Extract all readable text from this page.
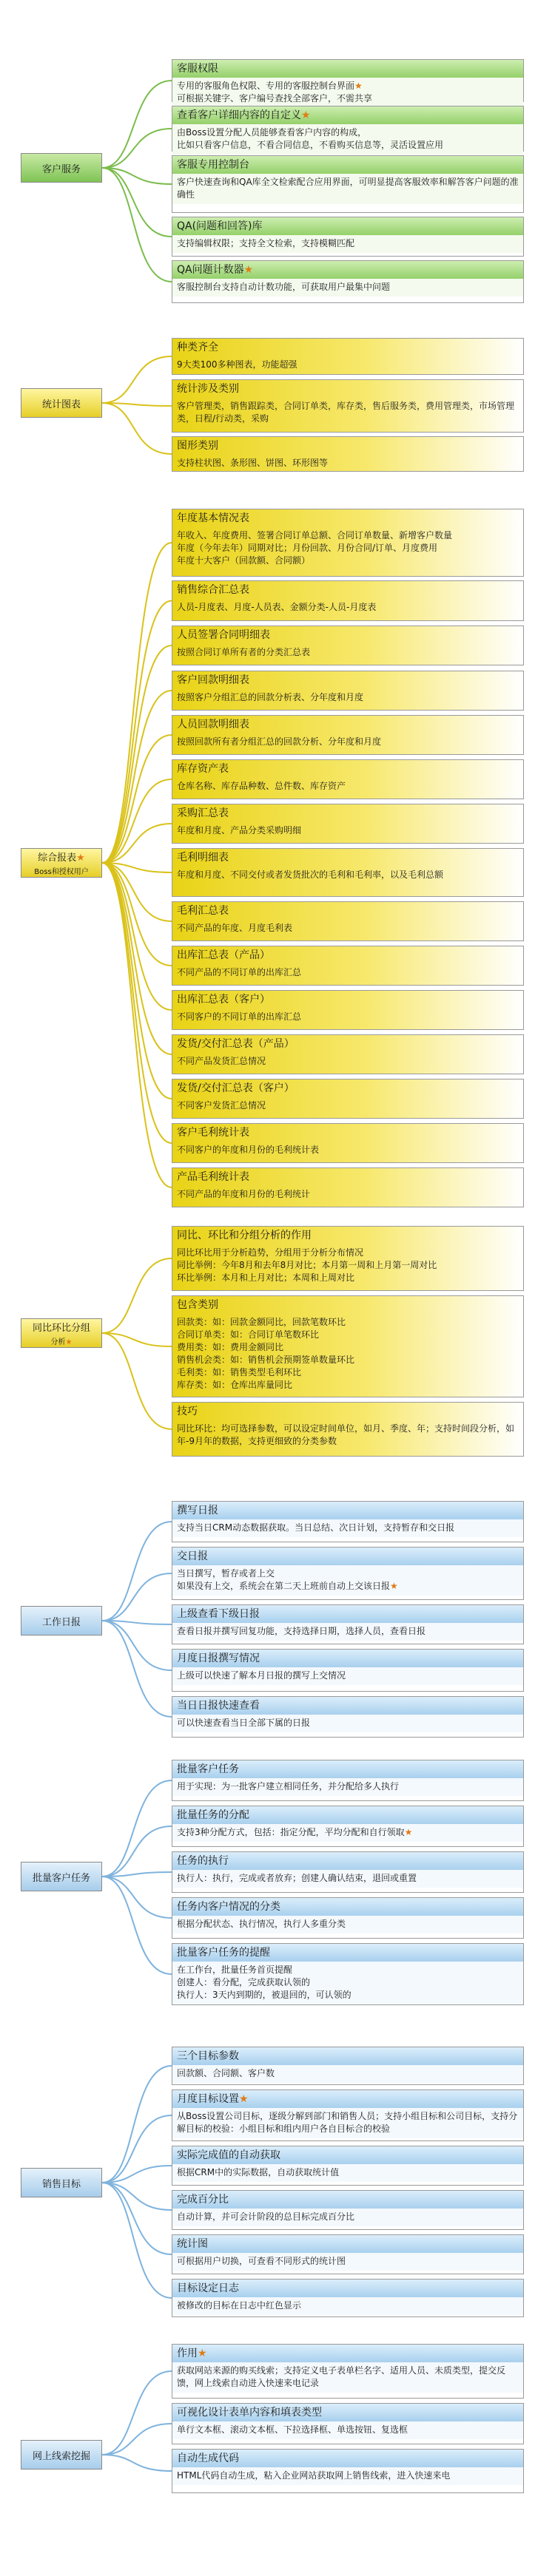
客户服务
客服权限
专用的客服角色权限、专用的客服控制台界面★
可根据关键字、客户编号查找全部客户，不需共享
查看客户详细内容的自定义★
由Boss设置分配人员能够查看客户内容的构成，
比如只看客户信息，不看合同信息，不看购买信息等，灵活设置应用
客服专用控制台
客户快速查询和QA库全文检索配合应用界面，可明显提高客服效率和解答客户问题的准确性
QA(问题和回答)库
支持编辑权限；支持全文检索，支持模糊匹配
QA问题计数器★
客服控制台支持自动计数功能，可获取用户最集中问题
统计图表
种类齐全
9大类100多种图表，功能超强
统计涉及类别
客户管理类，销售跟踪类，合同订单类，库存类，售后服务类，费用管理类，市场管理类，日程/行动类，采购
图形类别
支持柱状图、条形图、饼图、环形图等
综合报表★
Boss和授权用户
年度基本情况表
年收入、年度费用、签署合同订单总额、合同订单数量、新增客户数量
年度（今年去年）同期对比；月份回款、月份合同/订单、月度费用
年度十大客户（回款额、合同额）
销售综合汇总表
人员-月度表、月度-人员表、金额分类-人员-月度表
人员签署合同明细表
按照合同订单所有者的分类汇总表
客户回款明细表
按照客户分组汇总的回款分析表、分年度和月度
人员回款明细表
按照回款所有者分组汇总的回款分析、分年度和月度
库存资产表
仓库名称、库存品种数、总件数、库存资产
采购汇总表
年度和月度、产品分类采购明细
毛利明细表
年度和月度、不同交付或者发货批次的毛利和毛利率，以及毛利总额
毛利汇总表
不同产品的年度、月度毛利表
出库汇总表（产品）
不同产品的不同订单的出库汇总
出库汇总表（客户）
不同客户的不同订单的出库汇总
发货/交付汇总表（产品）
不同产品发货汇总情况
发货/交付汇总表（客户）
不同客户发货汇总情况
客户毛利统计表
不同客户的年度和月份的毛利统计表
产品毛利统计表
不同产品的年度和月份的毛利统计
同比环比分组
分析★
同比、环比和分组分析的作用
同比环比用于分析趋势，分组用于分析分布情况
同比举例：今年8月和去年8月对比；本月第一周和上月第一周对比
环比举例：本月和上月对比；本周和上周对比
包含类别
回款类：如：回款金额同比，回款笔数环比
合同订单类：如：合同订单笔数环比
费用类：如：费用金额同比
销售机会类：如：销售机会预期签单数量环比
毛利类：如：销售类型毛利环比
库存类：如：仓库出库量同比
技巧
同比环比：均可选择参数，可以设定时间单位，如月、季度、年；支持时间段分析，如年-9月年的数据，支持更细致的分类参数
工作日报
撰写日报
支持当日CRM动态数据获取。当日总结、次日计划，支持暂存和交日报
交日报
当日撰写，暂存或者上交
如果没有上交，系统会在第二天上班前自动上交该日报★
上级查看下级日报
查看日报并撰写回复功能，支持选择日期，选择人员，查看日报
月度日报撰写情况
上级可以快速了解本月日报的撰写上交情况
当日日报快速查看
可以快速查看当日全部下属的日报
批量客户任务
批量客户任务
用于实现：为一批客户建立相同任务，并分配给多人执行
批量任务的分配
支持3种分配方式，包括：指定分配，平均分配和自行领取★
任务的执行
执行人：执行，完成或者放弃；创建人确认结束，退回或重置
任务内客户情况的分类
根据分配状态、执行情况，执行人多重分类
批量客户任务的提醒
在工作台，批量任务首页提醒
创建人：看分配，完成获取认领的
执行人：3天内到期的，被退回的，可认领的
销售目标
三个目标参数
回款额、合同额、客户数
月度目标设置★
从Boss设置公司目标，逐级分解到部门和销售人员；支持小组目标和公司目标，支持分解目标的校验：小组目标和组内用户各自目标合的校验
实际完成值的自动获取
根据CRM中的实际数据，自动获取统计值
完成百分比
自动计算，并可会计阶段的总目标完成百分比
统计图
可根据用户切换，可查看不同形式的统计图
目标设定日志
被修改的目标在日志中红色显示
网上线索挖掘
作用★
获取网站来源的购买线索；支持定义电子表单栏名字、适用人员、未质类型，提交反馈，网上线索自动进入快速来电记录
可视化设计表单内容和填表类型
单行文本框、滚动文本框、下拉选择框、单选按钮、复选框
自动生成代码
HTML代码自动生成，粘入企业网站获取网上销售线索，进入快速来电
